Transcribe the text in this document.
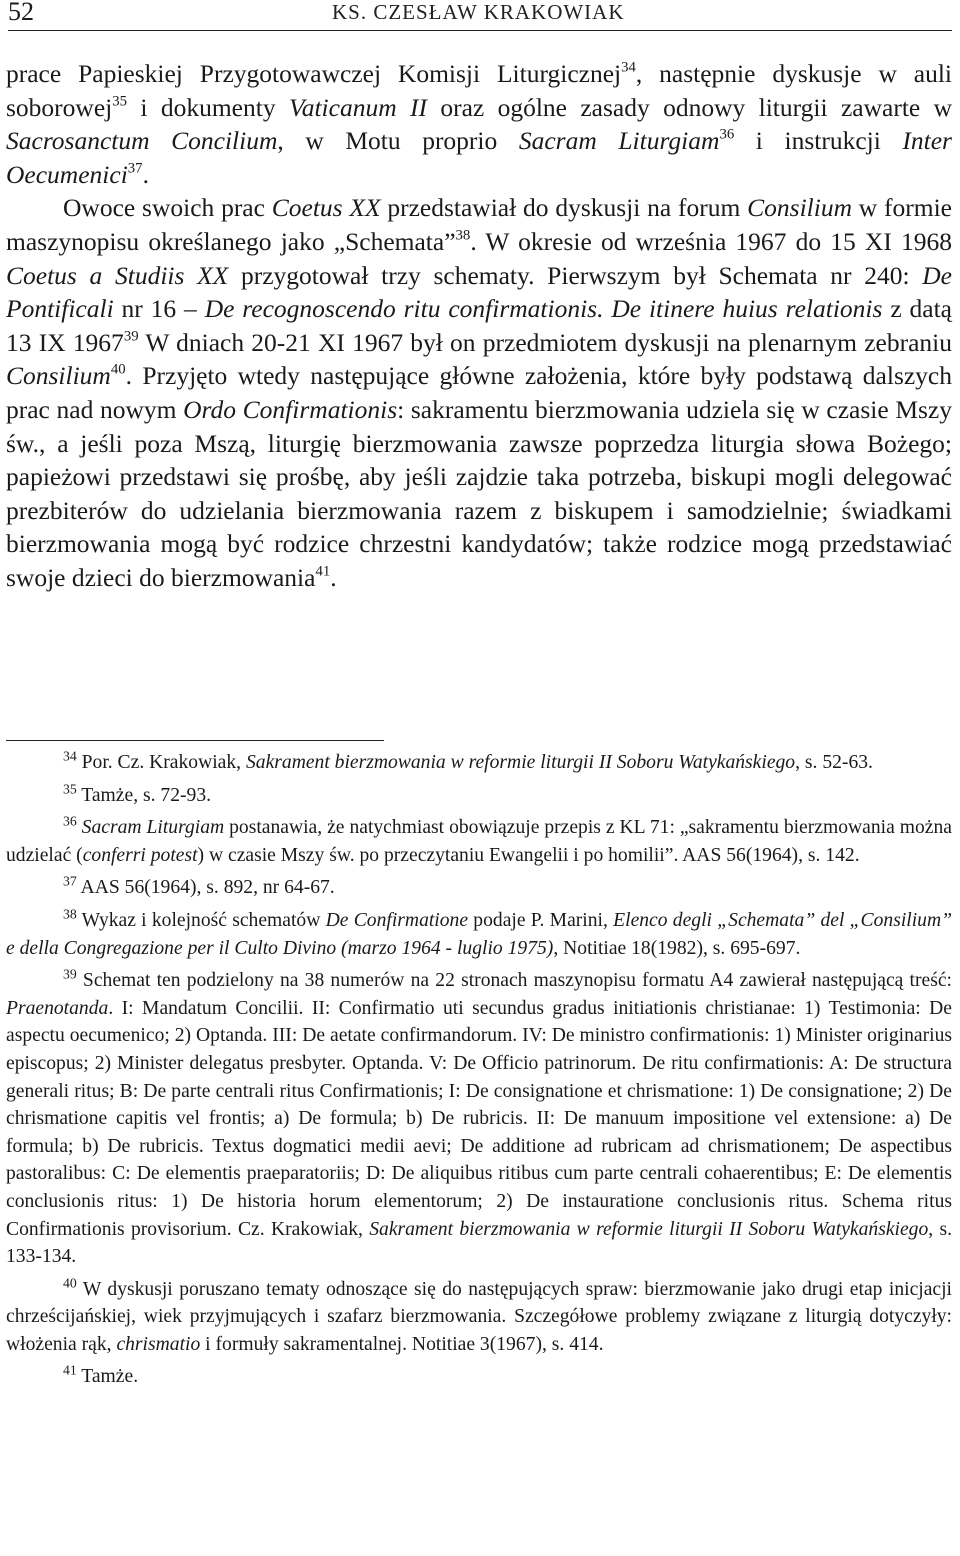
52	KS. CZESŁAW KRAKOWIAK

prace Papieskiej Przygotowawczej Komisji Liturgicznej$^{34}$, następnie dyskusje w auli soborowej$^{35}$ i dokumenty Vaticanum II oraz ogólne zasady odnowy liturgii zawarte w Sacrosanctum Concilium, w Motu proprio Sacram Liturgiam$^{36}$ i instrukcji Inter Oecumenici$^{37}$.

Owoce swoich prac Coetus XX przedstawiał do dyskusji na forum Consilium w formie maszynopisu określanego jako „Schemata”$^{38}$. W okresie od września 1967 do 15 XI 1968 Coetus a Studiis XX przygotował trzy schematy. Pierwszym był Schemata nr 240: De Pontificali nr 16 – De recognoscendo ritu confirmationis. De itinere huius relationis z datą 13 IX 1967$^{39}$ W dniach 20-21 XI 1967 był on przedmiotem dyskusji na plenarnym zebraniu Consilium$^{40}$. Przyjęto wtedy następujące główne założenia, które były podstawą dalszych prac nad nowym Ordo Confirmationis: sakramentu bierzmowania udziela się w czasie Mszy św., a jeśli poza Mszą, liturgię bierzmowania zawsze poprzedza liturgia słowa Bożego; papieżowi przedstawi się prośbę, aby jeśli zajdzie taka potrzeba, biskupi mogli delegować prezbiterów do udzielania bierzmowania razem z biskupem i samodzielnie; świadkami bierzmowania mogą być rodzice chrzestni kandydatów; także rodzice mogą przedstawiać swoje dzieci do bierzmowania$^{41}$.

$^{34}$ Por. Cz. Krakowiak, Sakrament bierzmowania w reformie liturgii II Soboru Watykańskiego, s. 52-63.

$^{35}$ Tamże, s. 72-93.

$^{36}$ Sacram Liturgiam postanawia, że natychmiast obowiązuje przepis z KL 71: „sakramentu bierzmowania można udzielać (conferri potest) w czasie Mszy św. po przeczytaniu Ewangelii i po homilii”. AAS 56(1964), s. 142.

$^{37}$ AAS 56(1964), s. 892, nr 64-67.

$^{38}$ Wykaz i kolejność schematów De Confirmatione podaje P. Marini, Elenco degli „Schemata” del „Consilium” e della Congregazione per il Culto Divino (marzo 1964 - luglio 1975), Notitiae 18(1982), s. 695-697.

$^{39}$ Schemat ten podzielony na 38 numerów na 22 stronach maszynopisu formatu A4 zawierał następującą treść: Praenotanda. I: Mandatum Concilii. II: Confirmatio uti secundus gradus initiationis christianae: 1) Testimonia: De aspectu oecumenico; 2) Optanda. III: De aetate confirmandorum. IV: De ministro confirmationis: 1) Minister originarius episcopus; 2) Minister delegatus presbyter. Optanda. V: De Officio patrinorum. De ritu confirmationis: A: De structura generali ritus; B: De parte centrali ritus Confirmationis; I: De consignatione et chrismatione: 1) De consignatione; 2) De chrismatione capitis vel frontis; a) De formula; b) De rubricis. II: De manuum impositione vel extensione: a) De formula; b) De rubricis. Textus dogmatici medii aevi; De additione ad rubricam ad chrismationem; De aspectibus pastoralibus: C: De elementis praeparatoriis; D: De aliquibus ritibus cum parte centrali cohaerentibus; E: De elementis conclusionis ritus: 1) De historia horum elementorum; 2) De instauratione conclusionis ritus. Schema ritus Confirmationis provisorium. Cz. Krakowiak, Sakrament bierzmowania w reformie liturgii II Soboru Watykańskiego, s. 133-134.

$^{40}$ W dyskusji poruszano tematy odnoszące się do następujących spraw: bierzmowanie jako drugi etap inicjacji chrześcijańskiej, wiek przyjmujących i szafarz bierzmowania. Szczegółowe problemy związane z liturgią dotyczyły: włożenia rąk, chrismatio i formuły sakramentalnej. Notitiae 3(1967), s. 414.

$^{41}$ Tamże.
